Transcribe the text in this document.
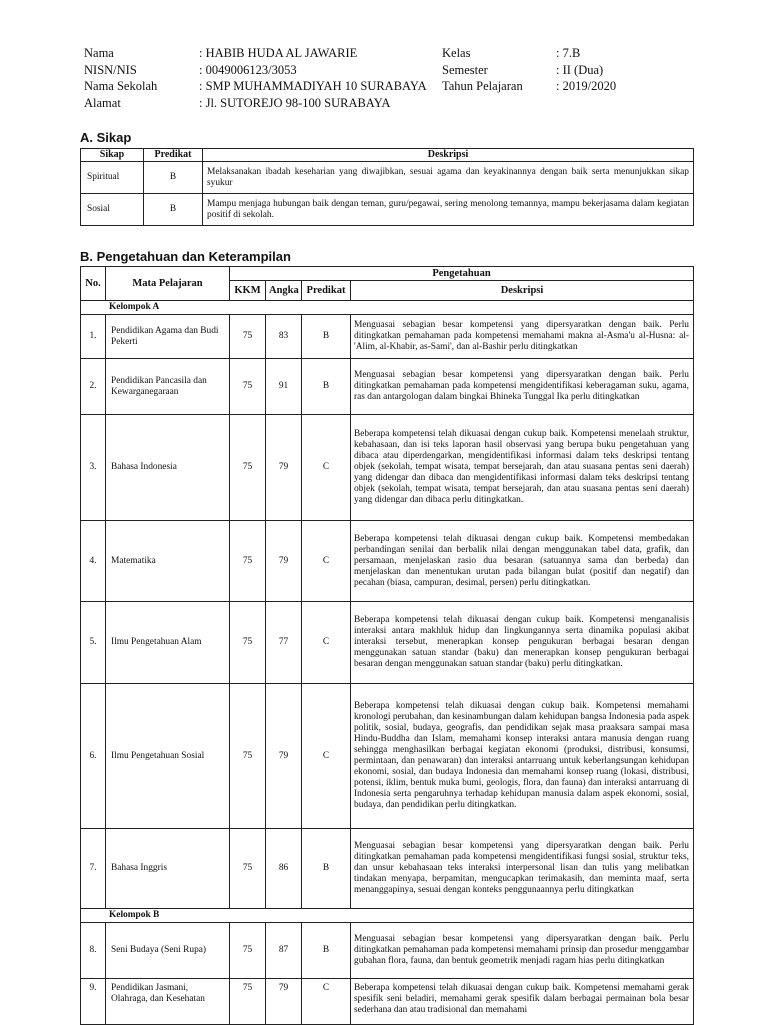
Nama	: HABIB HUDA AL JAWARIE	Kelas	: 7.B
NISN/NIS	: 0049006123/3053	Semester	: II (Dua)
Nama Sekolah	: SMP MUHAMMADIYAH 10 SURABAYA Tahun Pelajaran	: 2019/2020
Alamat	: Jl. SUTOREJO 98-100 SURABAYA
A. Sikap
Sikap	Predikat	Deskripsi
Spiritual	B	Melaksanakan ibadah keseharian yang diwajibkan, sesuai agama dan keyakinannya dengan baik serta menunjukkan sikap syukur
Sosial	B	Mampu menjaga hubungan baik dengan teman, guru/pegawai, sering menolong temannya, mampu bekerjasama dalam kegiatan positif di sekolah.
B. Pengetahuan dan Keterampilan
No.	Mata Pelajaran	Pengetahuan			
		KKM	Angka	Predikat	Deskripsi
Kelompok A					
1.	Pendidikan Agama dan Budi Pekerti	75	83	B	Menguasai sebagian besar kompetensi yang dipersyaratkan dengan baik. Perlu ditingkatkan pemahaman pada kompetensi memahami makna al-Asma'u al-Husna: al-'Alim, al-Khabir, as-Sami', dan al-Bashir perlu ditingkatkan
2.	Pendidikan Pancasila dan Kewarganegaraan	75	91	B	Menguasai sebagian besar kompetensi yang dipersyaratkan dengan baik. Perlu ditingkatkan pemahaman pada kompetensi mengidentifikasi keberagaman suku, agama, ras dan antargologan dalam bingkai Bhineka Tunggal Ika perlu ditingkatkan
3.	Bahasa Indonesia	75	79	C	Beberapa kompetensi telah dikuasai dengan cukup baik. Kompetensi menelaah struktur, kebahasaan, dan isi teks laporan hasil observasi yang berupa buku pengetahuan yang dibaca atau diperdengarkan, mengidentifikasi informasi dalam teks deskripsi tentang objek (sekolah, tempat wisata, tempat bersejarah, dan atau suasana pentas seni daerah) yang didengar dan dibaca dan mengidentifikasi informasi dalam teks deskripsi tentang objek (sekolah, tempat wisata, tempat bersejarah, dan atau suasana pentas seni daerah) yang didengar dan dibaca perlu ditingkatkan.
4.	Matematika	75	79	C	Beberapa kompetensi telah dikuasai dengan cukup baik. Kompetensi membedakan perbandingan senilai dan berbalik nilai dengan menggunakan tabel data, grafik, dan persamaan, menjelaskan rasio dua besaran (satuannya sama dan berbeda) dan menjelaskan dan menentukan urutan pada bilangan bulat (positif dan negatif) dan pecahan (biasa, campuran, desimal, persen) perlu ditingkatkan.
5.	Ilmu Pengetahuan Alam	75	77	C	Beberapa kompetensi telah dikuasai dengan cukup baik. Kompetensi menganalisis interaksi antara makhluk hidup dan lingkungannya serta dinamika populasi akibat interaksi tersebut, menerapkan konsep pengukuran berbagai besaran dengan menggunakan satuan standar (baku) dan menerapkan konsep pengukuran berbagai besaran dengan menggunakan satuan standar (baku) perlu ditingkatkan.
6.	Ilmu Pengetahuan Sosial	75	79	C	Beberapa kompetensi telah dikuasai dengan cukup baik. Kompetensi memahami kronologi perubahan, dan kesinambungan dalam kehidupan bangsa Indonesia pada aspek politik, sosial, budaya, geografis, dan pendidikan sejak masa praaksara sampai masa Hindu-Buddha dan Islam, memahami konsep interaksi antara manusia dengan ruang sehingga menghasilkan berbagai kegiatan ekonomi (produksi, distribusi, konsumsi, permintaan, dan penawaran) dan interaksi antarruang untuk keberlangsungan kehidupan ekonomi, sosial, dan budaya Indonesia dan memahami konsep ruang (lokasi, distribusi, potensi, iklim, bentuk muka bumi, geologis, flora, dan fauna) dan interaksi antarruang di Indonesia serta pengaruhnya terhadap kehidupan manusia dalam aspek ekonomi, sosial, budaya, dan pendidikan perlu ditingkatkan.
7.	Bahasa Inggris	75	86	B	Menguasai sebagian besar kompetensi yang dipersyaratkan dengan baik. Perlu ditingkatkan pemahaman pada kompetensi mengidentifikasi fungsi sosial, struktur teks, dan unsur kebahasaan teks interaksi interpersonal lisan dan tulis yang melibatkan tindakan menyapa, berpamitan, mengucapkan terimakasih, dan meminta maaf, serta menanggapinya, sesuai dengan konteks penggunaannya perlu ditingkatkan
Kelompok B					
8.	Seni Budaya (Seni Rupa)	75	87	B	Menguasai sebagian besar kompetensi yang dipersyaratkan dengan baik. Perlu ditingkatkan pemahaman pada kompetensi memahami prinsip dan prosedur menggambar gubahan flora, fauna, dan bentuk geometrik menjadi ragam hias perlu ditingkatkan
9.	Pendidikan Jasmani, Olahraga, dan Kesehatan	75	79	C	Beberapa kompetensi telah dikuasai dengan cukup baik. Kompetensi memahami gerak spesifik seni beladiri, memahami gerak spesifik dalam berbagai permainan bola besar sederhana dan atau tradisional dan memahami
